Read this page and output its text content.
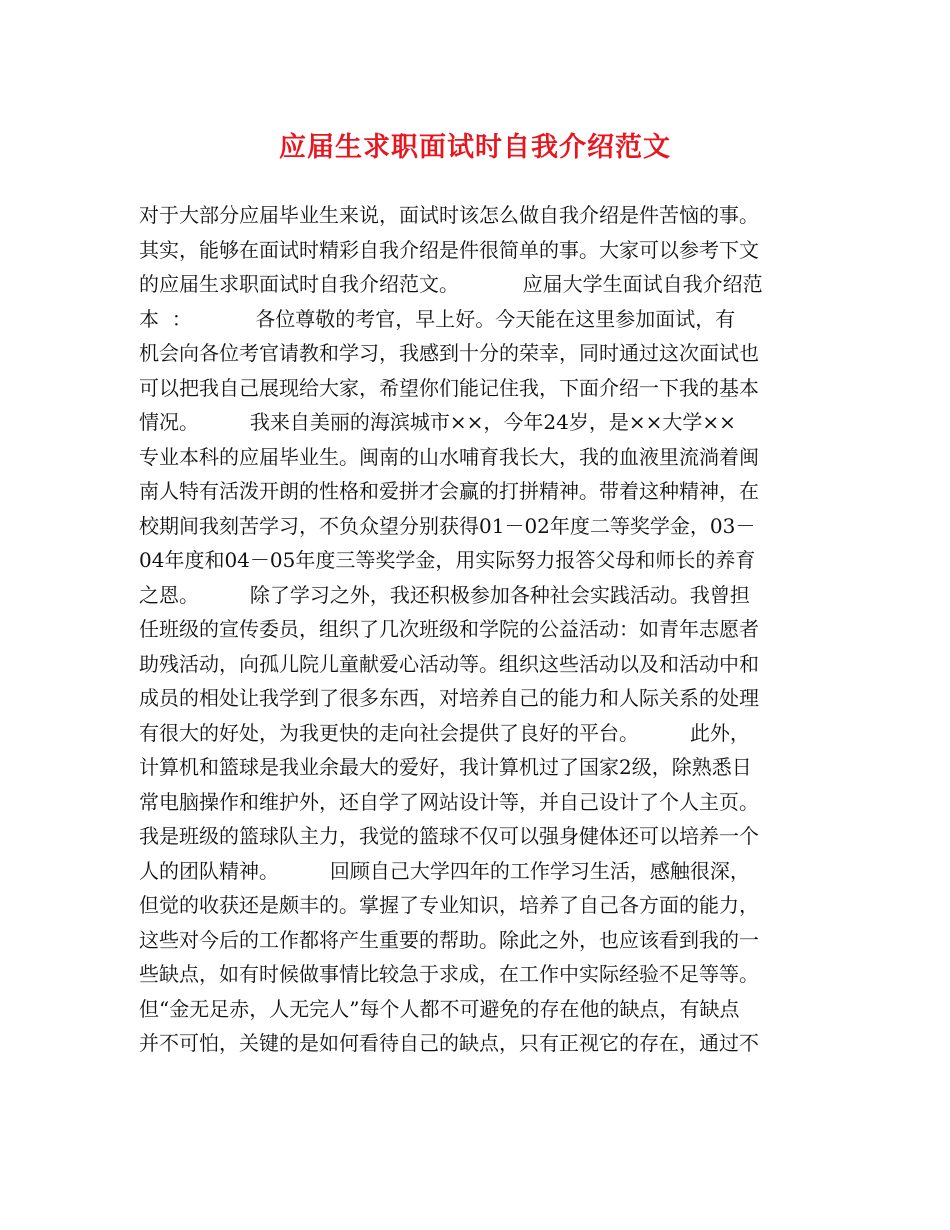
应届生求职面试时自我介绍范文
对于大部分应届毕业生来说，面试时该怎么做自我介绍是件苦恼的事。
其实，能够在面试时精彩自我介绍是件很简单的事。大家可以参考下文
的应届生求职面试时自我介绍范文。          应届大学生面试自我介绍范
本  ：          各位尊敬的考官，早上好。今天能在这里参加面试，有
机会向各位考官请教和学习，我感到十分的荣幸，同时通过这次面试也
可以把我自己展现给大家，希望你们能记住我，下面介绍一下我的基本
情况。        我来自美丽的海滨城市××，今年24岁，是××大学××
专业本科的应届毕业生。闽南的山水哺育我长大，我的血液里流淌着闽
南人特有活泼开朗的性格和爱拼才会赢的打拼精神。带着这种精神，在
校期间我刻苦学习，不负众望分别获得01－02年度二等奖学金，03－
04年度和04－05年度三等奖学金，用实际努力报答父母和师长的养育
之恩。        除了学习之外，我还积极参加各种社会实践活动。我曾担
任班级的宣传委员，组织了几次班级和学院的公益活动：如青年志愿者
助残活动，向孤儿院儿童献爱心活动等。组织这些活动以及和活动中和
成员的相处让我学到了很多东西，对培养自己的能力和人际关系的处理
有很大的好处，为我更快的走向社会提供了良好的平台。        此外，
计算机和篮球是我业余最大的爱好，我计算机过了国家2级，除熟悉日
常电脑操作和维护外，还自学了网站设计等，并自己设计了个人主页。
我是班级的篮球队主力，我觉的篮球不仅可以强身健体还可以培养一个
人的团队精神。        回顾自己大学四年的工作学习生活，感触很深，
但觉的收获还是颇丰的。掌握了专业知识，培养了自己各方面的能力，
这些对今后的工作都将产生重要的帮助。除此之外，也应该看到我的一
些缺点，如有时候做事情比较急于求成，在工作中实际经验不足等等。
但“金无足赤，人无完人”每个人都不可避免的存在他的缺点，有缺点
并不可怕，关键的是如何看待自己的缺点，只有正视它的存在，通过不
